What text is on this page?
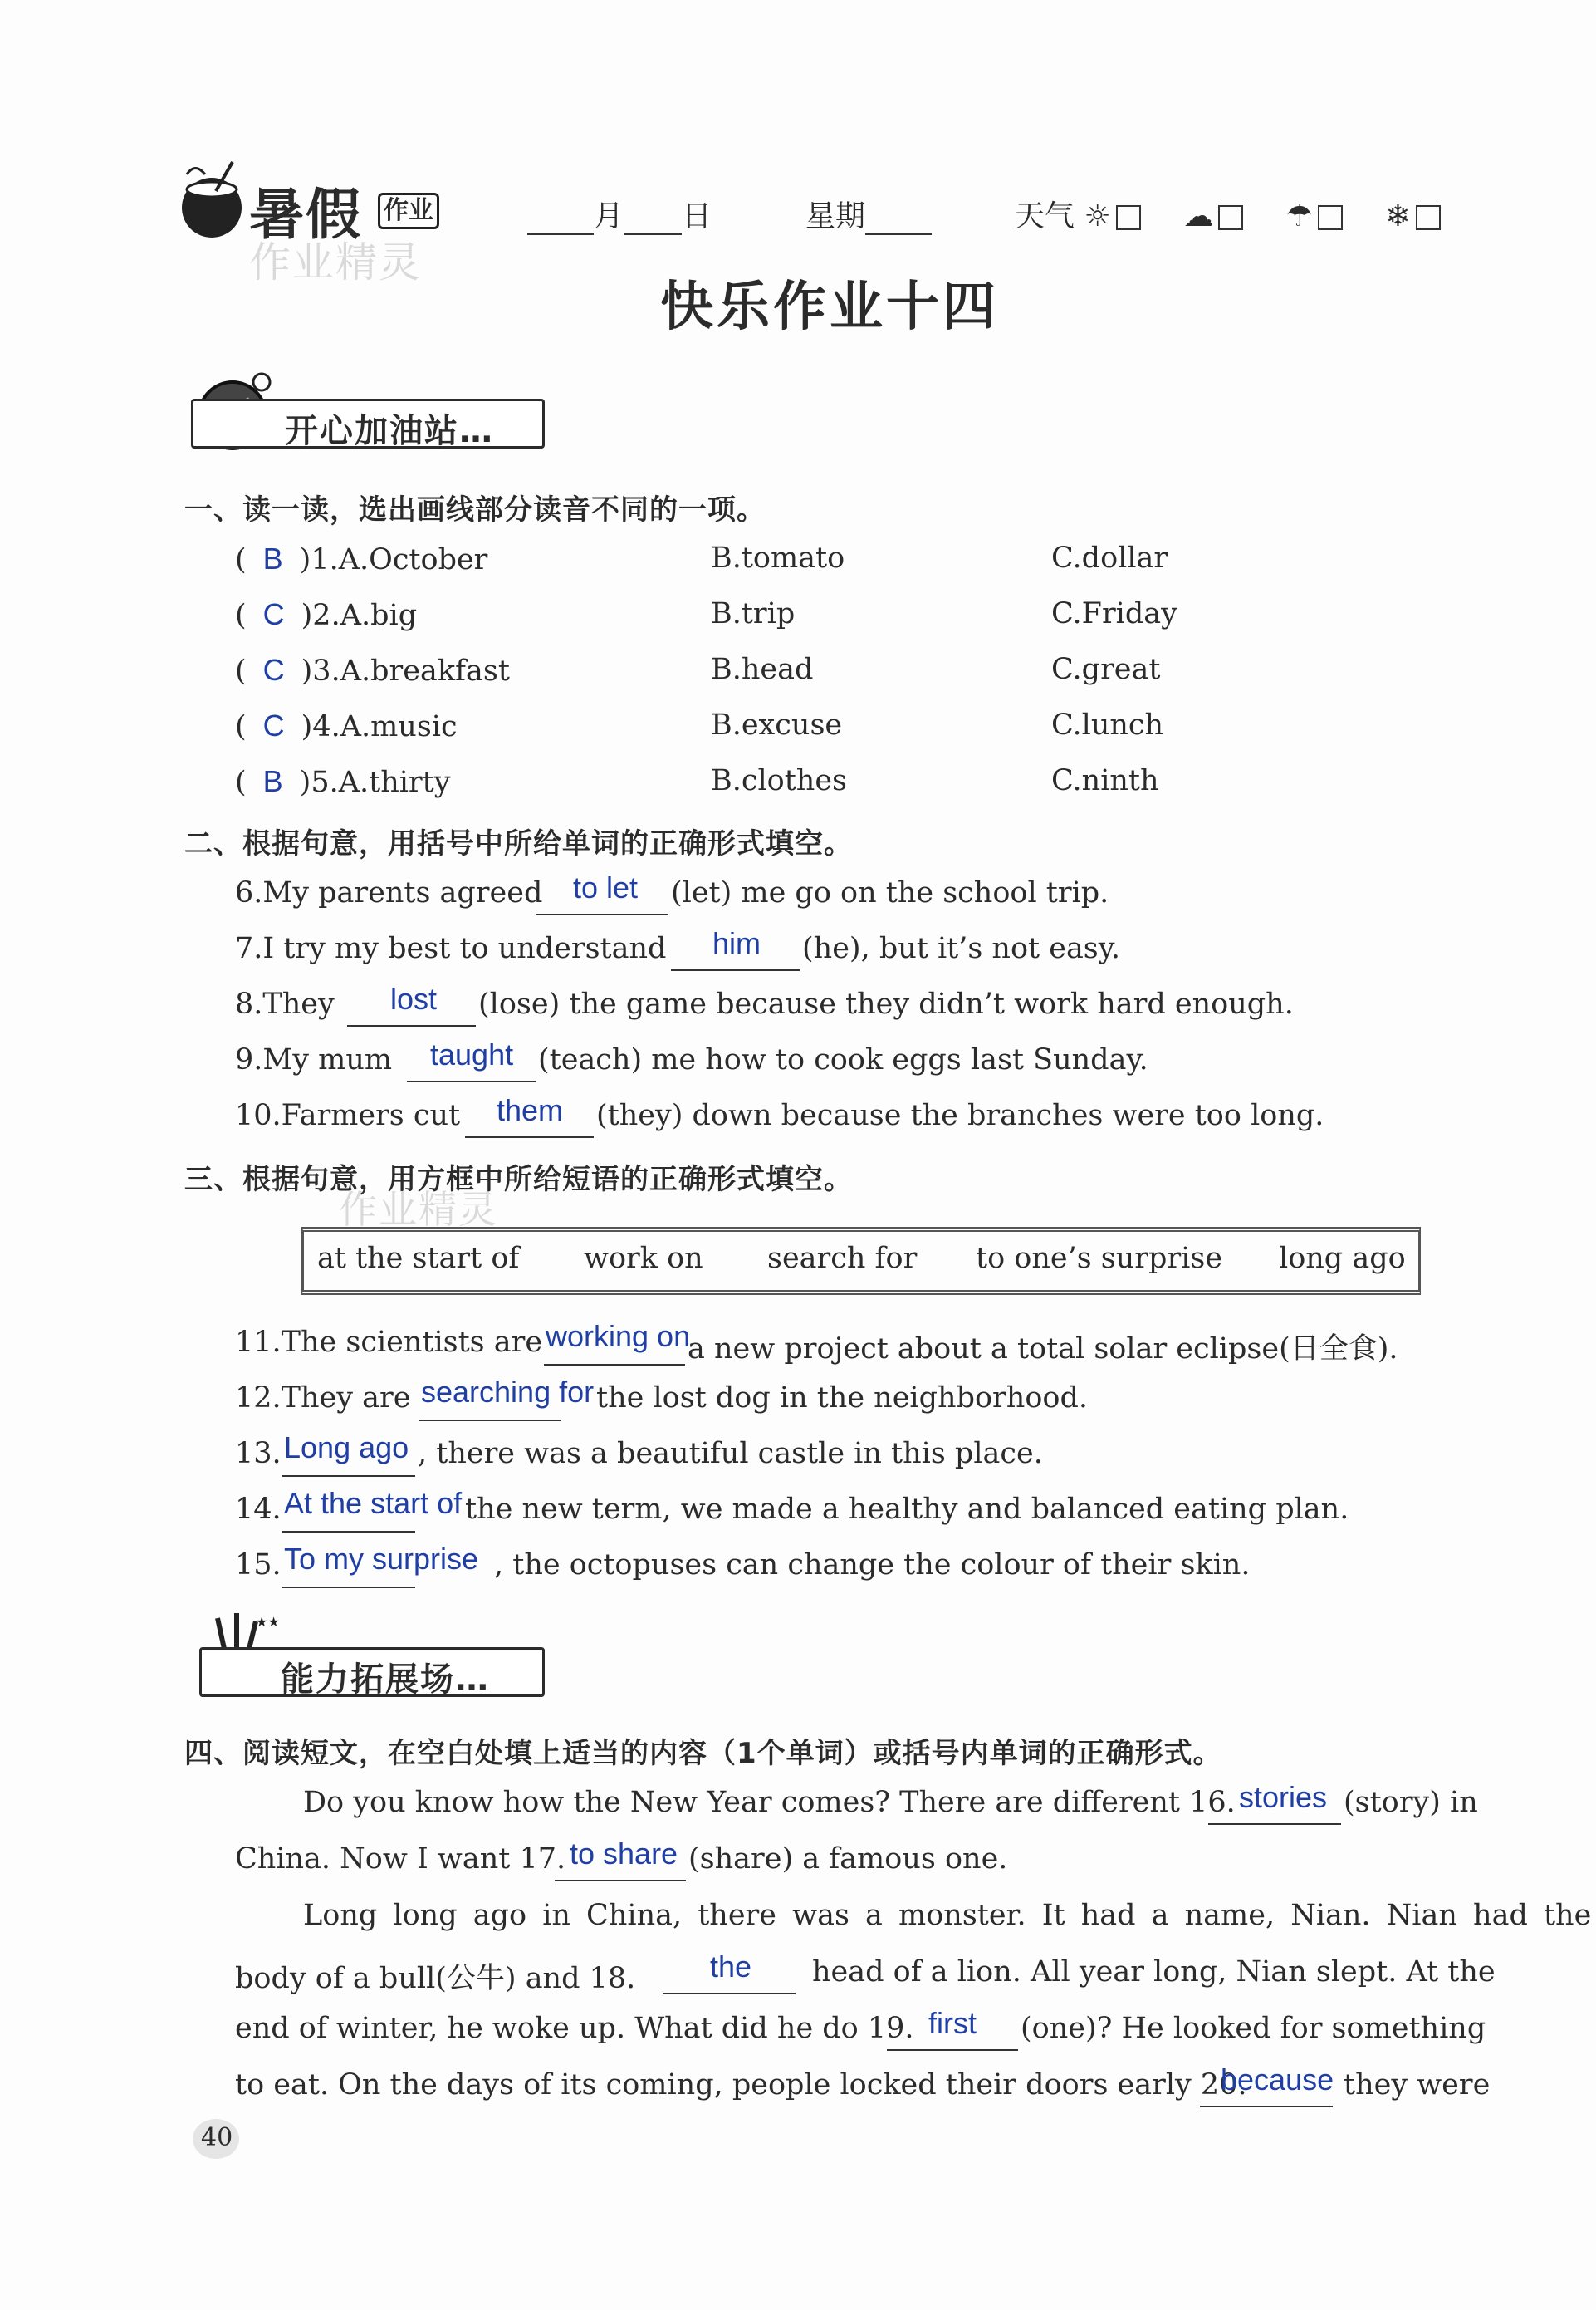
暑假 作业
作业精灵
月 日	星期	天气 ☼ ☁ ☂ ❄
快乐作业十四
开心加油站…
一、读一读，选出画线部分读音不同的一项。
( B )1.A.October	B.tomato	C.dollar
( C )2.A.big	B.trip	C.Friday
( C )3.A.breakfast	B.head	C.great
( C )4.A.music	B.excuse	C.lunch
( B )5.A.thirty	B.clothes	C.ninth
二、根据句意，用括号中所给单词的正确形式填空。
6.My parents agreed to let (let) me go on the school trip.
7.I try my best to understand him (he), but it’s not easy.
8.They lost (lose) the game because they didn’t work hard enough.
9.My mum taught (teach) me how to cook eggs last Sunday.
10.Farmers cut them (they) down because the branches were too long.
三、根据句意，用方框中所给短语的正确形式填空。
作业精灵
at the start of work on search for to one’s surprise long ago
11.The scientists are working on
a new project about a total solar eclipse(日全食).
12.They are searching for the lost dog in the neighborhood.
13. Long ago , there was a beautiful castle in this place.
14. At the start of the new term, we made a healthy and balanced eating plan.
15. To my surprise , the octopuses can change the colour of their skin.
★★
能力拓展场…
四、阅读短文，在空白处填上适当的内容（1个单词）或括号内单词的正确形式。
Do you know how the New Year comes? There are different 16. stories (story) in
China. Now I want 17. to share (share) a famous one.
Long long ago in China, there was a monster. It had a name, Nian. Nian had the
body of a bull(公牛) and 18. the head of a lion. All year long, Nian slept. At the
end of winter, he woke up. What did he do 19. first (one)? He looked for something
to eat. On the days of its coming, people locked their doors early 20.
because they were
40
